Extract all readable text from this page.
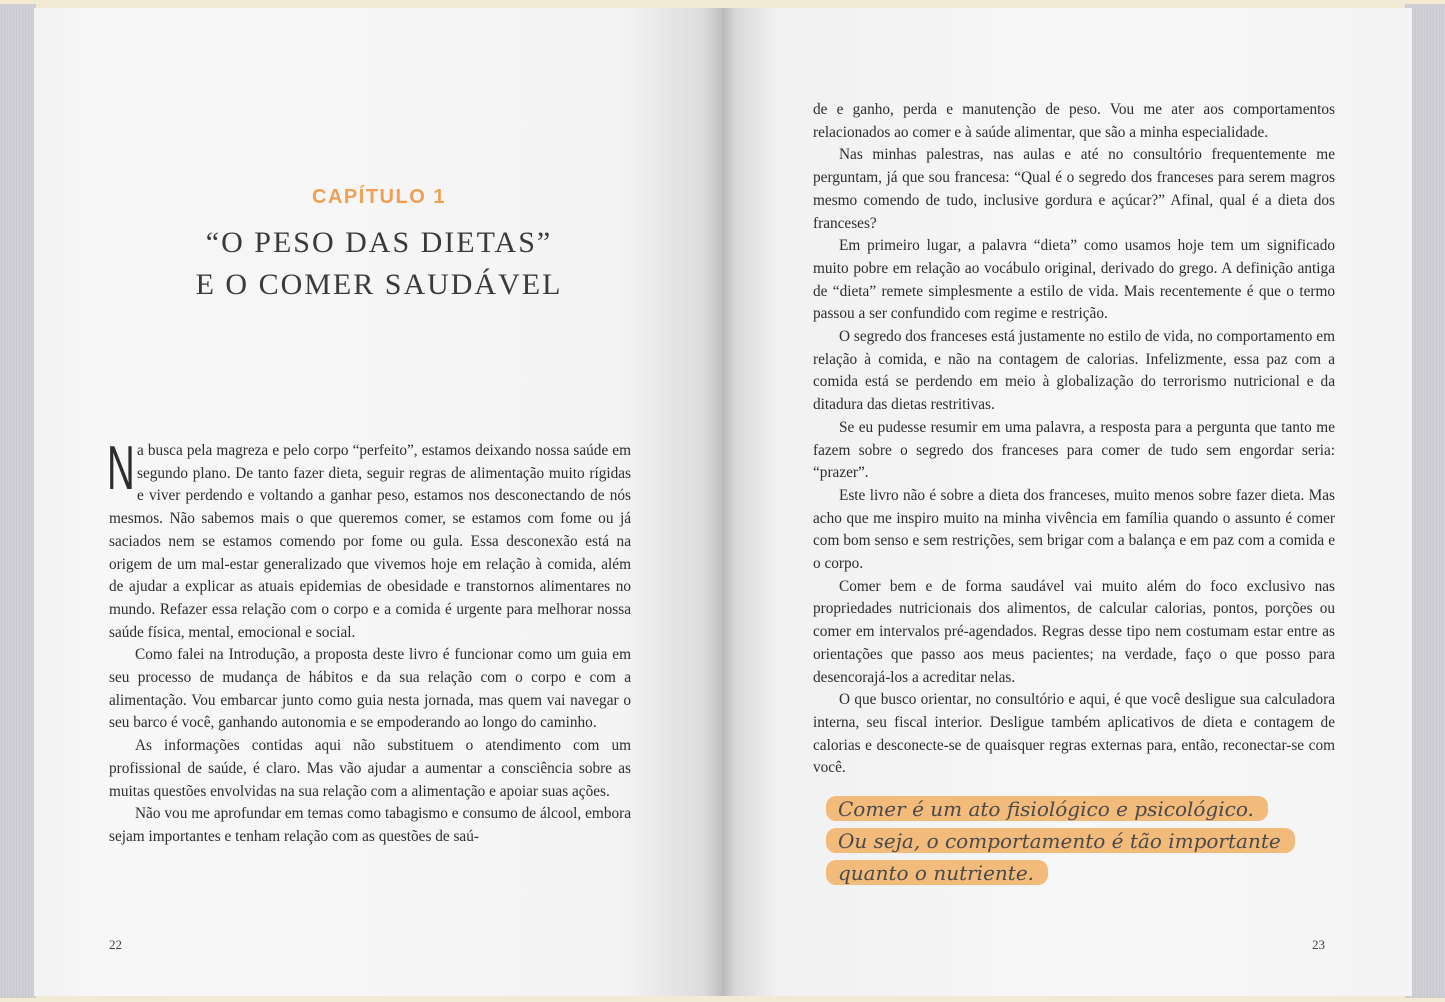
CAPÍTULO 1
“O PESO DAS DIETAS”
E O COMER SAUDÁVEL

Na busca pela magreza e pelo corpo “perfeito”, estamos deixando nossa saúde em segundo plano. De tanto fazer dieta, seguir regras de alimentação muito rígidas e viver perdendo e voltando a ganhar peso, estamos nos desconectando de nós mesmos. Não sabemos mais o que queremos comer, se estamos com fome ou já saciados nem se estamos comendo por fome ou gula. Essa desconexão está na origem de um mal-estar generalizado que vivemos hoje em relação à comida, além de ajudar a explicar as atuais epidemias de obesidade e transtornos alimentares no mundo. Refazer essa relação com o corpo e a comida é urgente para melhorar nossa saúde física, mental, emocional e social.

Como falei na Introdução, a proposta deste livro é funcionar como um guia em seu processo de mudança de hábitos e da sua relação com o corpo e com a alimentação. Vou embarcar junto como guia nesta jornada, mas quem vai navegar o seu barco é você, ganhando autonomia e se empoderando ao longo do caminho.

As informações contidas aqui não substituem o atendimento com um profissional de saúde, é claro. Mas vão ajudar a aumentar a consciência sobre as muitas questões envolvidas na sua relação com a alimentação e apoiar suas ações.

Não vou me aprofundar em temas como tabagismo e consumo de álcool, embora sejam importantes e tenham relação com as questões de saú-

22

de e ganho, perda e manutenção de peso. Vou me ater aos comportamentos relacionados ao comer e à saúde alimentar, que são a minha especialidade.

Nas minhas palestras, nas aulas e até no consultório frequentemente me perguntam, já que sou francesa: “Qual é o segredo dos franceses para serem magros mesmo comendo de tudo, inclusive gordura e açúcar?” Afinal, qual é a dieta dos franceses?

Em primeiro lugar, a palavra “dieta” como usamos hoje tem um significado muito pobre em relação ao vocábulo original, derivado do grego. A definição antiga de “dieta” remete simplesmente a estilo de vida. Mais recentemente é que o termo passou a ser confundido com regime e restrição.

O segredo dos franceses está justamente no estilo de vida, no comportamento em relação à comida, e não na contagem de calorias. Infelizmente, essa paz com a comida está se perdendo em meio à globalização do terrorismo nutricional e da ditadura das dietas restritivas.

Se eu pudesse resumir em uma palavra, a resposta para a pergunta que tanto me fazem sobre o segredo dos franceses para comer de tudo sem engordar seria: “prazer”.

Este livro não é sobre a dieta dos franceses, muito menos sobre fazer dieta. Mas acho que me inspiro muito na minha vivência em família quando o assunto é comer com bom senso e sem restrições, sem brigar com a balança e em paz com a comida e o corpo.

Comer bem e de forma saudável vai muito além do foco exclusivo nas propriedades nutricionais dos alimentos, de calcular calorias, pontos, porções ou comer em intervalos pré-agendados. Regras desse tipo nem costumam estar entre as orientações que passo aos meus pacientes; na verdade, faço o que posso para desencorajá-los a acreditar nelas.

O que busco orientar, no consultório e aqui, é que você desligue sua calculadora interna, seu fiscal interior. Desligue também aplicativos de dieta e contagem de calorias e desconecte-se de quaisquer regras externas para, então, reconectar-se com você.

Comer é um ato fisiológico e psicológico.
Ou seja, o comportamento é tão importante
quanto o nutriente.
23
